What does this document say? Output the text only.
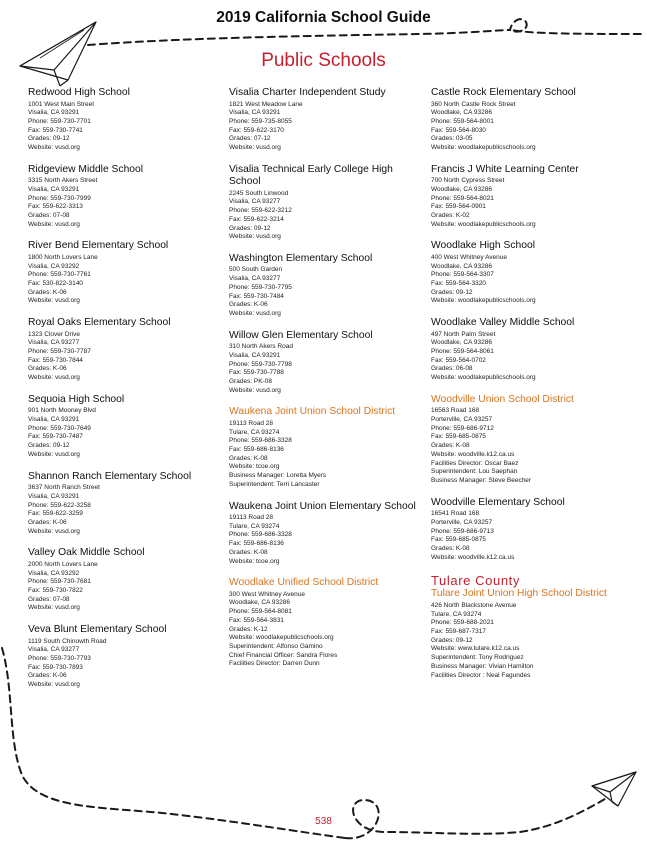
2019 California School Guide
Public Schools
Redwood High School
1001 West Main Street
Visalia, CA 93291
Phone: 559-730-7701
Fax: 559-730-7741
Grades: 09-12
Website: vusd.org
Ridgeview Middle School
3315 North Akers Street
Visalia, CA 93291
Phone: 559-730-7999
Fax: 559-622-3313
Grades: 07-08
Website: vusd.org
River Bend Elementary School
1800 North Lovers Lane
Visalia, CA 93292
Phone: 559-730-7761
Fax: 530-822-3140
Grades: K-06
Website: vusd.org
Royal Oaks Elementary School
1323 Clover Drive
Visalia, CA 93277
Phone: 559-730-7787
Fax: 559-730-7844
Grades: K-06
Website: vusd.org
Sequoia High School
901 North Mooney Blvd
Visalia, CA 93291
Phone: 559-730-7649
Fax: 559-730-7487
Grades: 09-12
Website: vusd.org
Shannon Ranch Elementary School
3637 North Ranch Street
Visalia, CA 93291
Phone: 559-622-3258
Fax: 559-622-3259
Grades: K-06
Website: vusd.org
Valley Oak Middle School
2000 North Lovers Lane
Visalia, CA 93292
Phone: 559-730-7681
Fax: 559-730-7822
Grades: 07-08
Website: vusd.org
Veva Blunt Elementary School
1119 South Chinowth Road
Visalia, CA 93277
Phone: 559-730-7793
Fax: 559-730-7893
Grades: K-06
Website: vusd.org
Visalia Charter Independent Study
1821 West Meadow Lane
Visalia, CA 93291
Phone: 559-735-8055
Fax: 559-622-3170
Grades: 07-12
Website: vusd.org
Visalia Technical Early College High School
2245 South Linwood
Visalia, CA 93277
Phone: 559-622-3212
Fax: 559-622-3214
Grades: 09-12
Website: vusd.org
Washington Elementary School
500 South Garden
Visalia, CA 93277
Phone: 559-730-7795
Fax: 559-730-7484
Grades: K-06
Website: vusd.org
Willow Glen Elementary School
310 North Akers Road
Visalia, CA 93291
Phone: 559-730-7798
Fax: 559-730-7788
Grades: PK-08
Website: vusd.org
Waukena Joint Union School District
19113 Road 28
Tulare, CA 93274
Phone: 559-686-3328
Fax: 559-686-8136
Grades: K-08
Website: tcoe.org
Business Manager: Loretta Myers
Superintendent: Terri Lancaster
Waukena Joint Union Elementary School
19113 Road 28
Tulare, CA 93274
Phone: 559-686-3328
Fax: 559-686-8136
Grades: K-08
Website: tcoe.org
Woodlake Unified School District
300 West Whitney Avenue
Woodlake, CA 93286
Phone: 559-564-8081
Fax: 559-564-3831
Grades: K-12
Website: woodlakepublicschools.org
Superintendent: Alfonso Gamino
Chief Financial Officer: Sandra Flores
Facilities Director: Darren Dunn
Castle Rock Elementary School
360 North Castle Rock Street
Woodlake, CA 93286
Phone: 559-564-8001
Fax: 559-564-8030
Grades: 03-05
Website: woodlakepublicschools.org
Francis J White Learning Center
700 North Cypress Street
Woodlake, CA 93286
Phone: 559-564-8021
Fax: 559-564-0901
Grades: K-02
Website: woodlakepublicschools.org
Woodlake High School
400 West Whitney Avenue
Woodlake, CA 93286
Phone: 559-564-3307
Fax: 559-564-3320
Grades: 09-12
Website: woodlakepublicschools.org
Woodlake Valley Middle School
497 North Palm Street
Woodlake, CA 93286
Phone: 559-564-8061
Fax: 559-564-0702
Grades: 06-08
Website: woodlakepublicschools.org
Woodville Union School District
16563 Road 168
Porterville, CA 93257
Phone: 559-686-9712
Fax: 559-685-0875
Grades: K-08
Website: woodville.k12.ca.us
Facilities Director: Oscar Baez
Superintendent: Lou Saephan
Business Manager: Steve Beecher
Woodville Elementary School
16541 Road 168
Porterville, CA 93257
Phone: 559-686-9713
Fax: 559-685-0875
Grades: K-08
Website: woodville.k12.ca.us
Tulare County
Tulare Joint Union High School District
426 North Blackstone Avenue
Tulare, CA 93274
Phone: 559-688-2021
Fax: 559-687-7317
Grades: 09-12
Website: www.tulare.k12.ca.us
Superintendent: Tony Rodriguez
Business Manager: Vivian Hamilton
Facilities Director : Neal Fagundes
538
